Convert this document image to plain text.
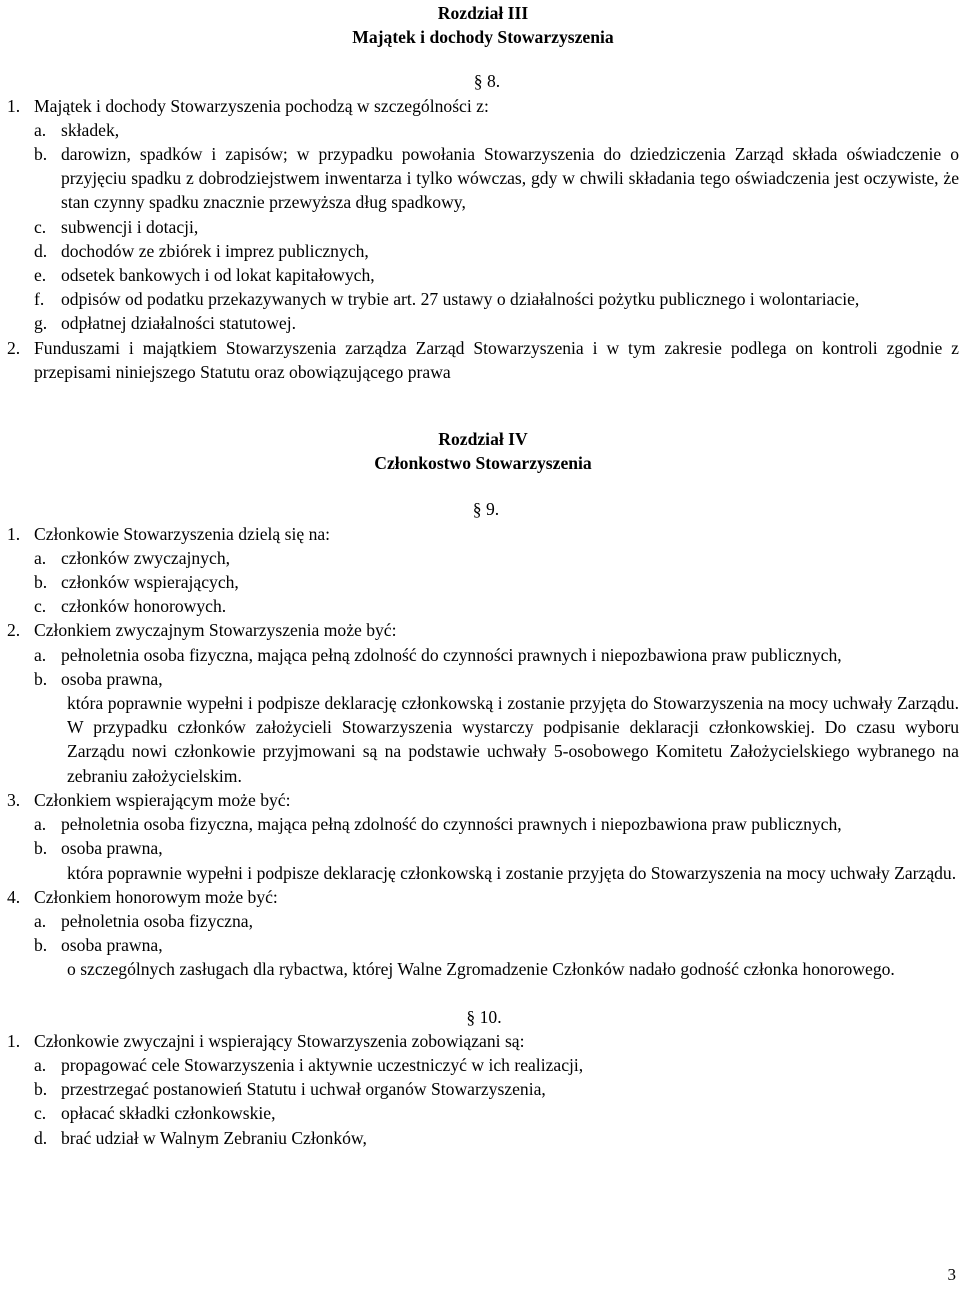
Rozdział III
Majątek i dochody Stowarzyszenia
§ 8.
1. Majątek i dochody Stowarzyszenia pochodzą w szczególności z:
a. składek,
b. darowizn, spadków i zapisów; w przypadku powołania Stowarzyszenia do dziedziczenia Zarząd składa oświadczenie o przyjęciu spadku z dobrodziejstwem inwentarza i tylko wówczas, gdy w chwili składania tego oświadczenia jest oczywiste, że stan czynny spadku znacznie przewyższa dług spadkowy,
c. subwencji i dotacji,
d. dochodów ze zbiórek i imprez publicznych,
e. odsetek bankowych i od lokat kapitałowych,
f. odpisów od podatku przekazywanych w trybie art. 27 ustawy o działalności pożytku publicznego i wolontariacie,
g. odpłatnej działalności statutowej.
2. Funduszami i majątkiem Stowarzyszenia zarządza Zarząd Stowarzyszenia i w tym zakresie podlega on kontroli zgodnie z przepisami niniejszego Statutu oraz obowiązującego prawa
Rozdział IV
Członkostwo Stowarzyszenia
§ 9.
1. Członkowie Stowarzyszenia dzielą się na:
a. członków zwyczajnych,
b. członków wspierających,
c. członków honorowych.
2. Członkiem zwyczajnym Stowarzyszenia może być:
a. pełnoletnia osoba fizyczna, mająca pełną zdolność do czynności prawnych i niepozbawiona praw publicznych,
b. osoba prawna,
która poprawnie wypełni i podpisze deklarację członkowską i zostanie przyjęta do Stowarzyszenia na mocy uchwały Zarządu. W przypadku członków założycieli Stowarzyszenia wystarczy podpisanie deklaracji członkowskiej. Do czasu wyboru Zarządu nowi członkowie przyjmowani są na podstawie uchwały 5-osobowego Komitetu Założycielskiego wybranego na zebraniu założycielskim.
3. Członkiem wspierającym może być:
a. pełnoletnia osoba fizyczna, mająca pełną zdolność do czynności prawnych i niepozbawiona praw publicznych,
b. osoba prawna,
która poprawnie wypełni i podpisze deklarację członkowską i zostanie przyjęta do Stowarzyszenia na mocy uchwały Zarządu.
4. Członkiem honorowym może być:
a. pełnoletnia osoba fizyczna,
b. osoba prawna,
o szczególnych zasługach dla rybactwa, której Walne Zgromadzenie Członków nadało godność członka honorowego.
§ 10.
1. Członkowie zwyczajni i wspierający Stowarzyszenia zobowiązani są:
a. propagować cele Stowarzyszenia i aktywnie uczestniczyć w ich realizacji,
b. przestrzegać postanowień Statutu i uchwał organów Stowarzyszenia,
c. opłacać składki członkowskie,
d. brać udział w Walnym Zebraniu Członków,
3
